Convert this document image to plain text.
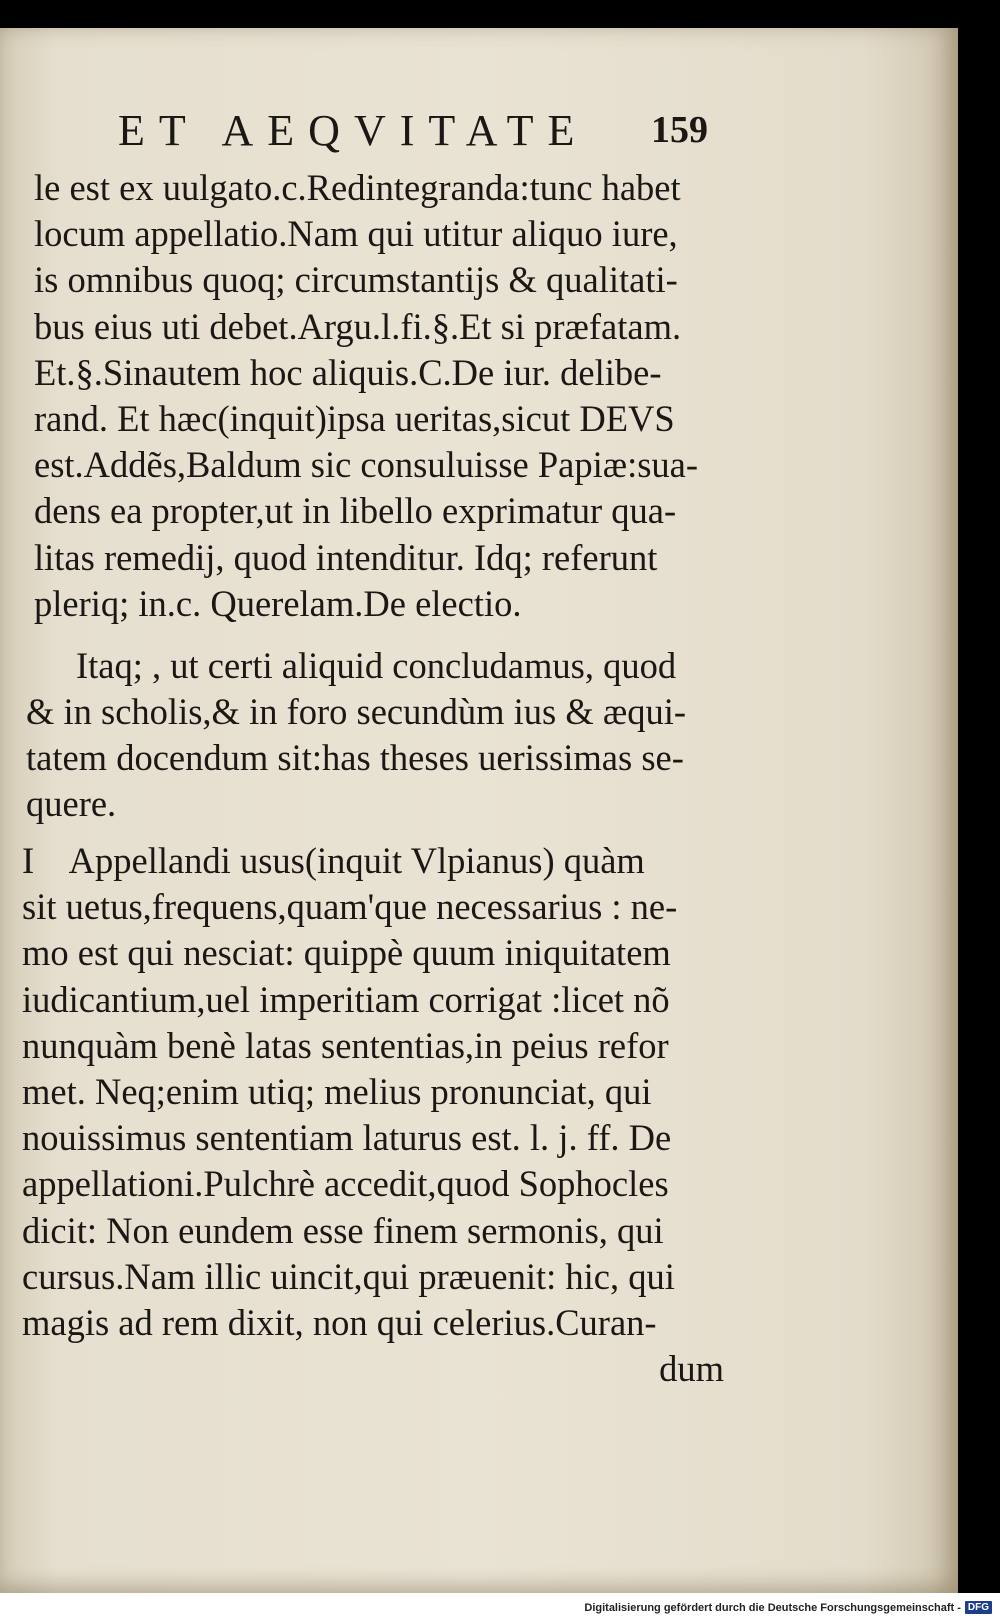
ET AEQVITATE 159
le est ex uulgato.c.Redintegranda:tunc habet
locum appellatio.Nam qui utitur aliquo iure,
is omnibus quoq; circumstantijs & qualitati-
bus eius uti debet.Argu.l.fi.§.Et si præfatam.
Et.§.Sinautem hoc aliquis.C.De iur. delibe-
rand. Et hæc(inquit)ipsa ueritas,sicut DEVS
est.Addẽs,Baldum sic consuluisse Papiæ:sua-
dens ea propter,ut in libello exprimatur qua-
litas remedij, quod intenditur. Idq; referunt
pleriq; in.c. Querelam.De electio.
Itaq; , ut certi aliquid concludamus, quod
& in scholis,& in foro secundùm ius & æqui-
tatem docendum sit:has theses uerissimas se-
quere.
I    Appellandi usus(inquit Vlpianus) quàm
sit uetus,frequens,quam'que necessarius : ne-
mo est qui nesciat: quippè quum iniquitatem
iudicantium,uel imperitiam corrigat :licet nõ
nunquàm benè latas sententias,in peius refor
met. Neq;enim utiq; melius pronunciat, qui
nouissimus sententiam laturus est. l. j. ff. De
appellationi.Pulchrè accedit,quod Sophocles
dicit: Non eundem esse finem sermonis, qui
cursus.Nam illic uincit,qui præuenit: hic, qui
magis ad rem dixit, non qui celerius.Curan-
dum
Digitalisierung gefördert durch die Deutsche Forschungsgemeinschaft - DFG
